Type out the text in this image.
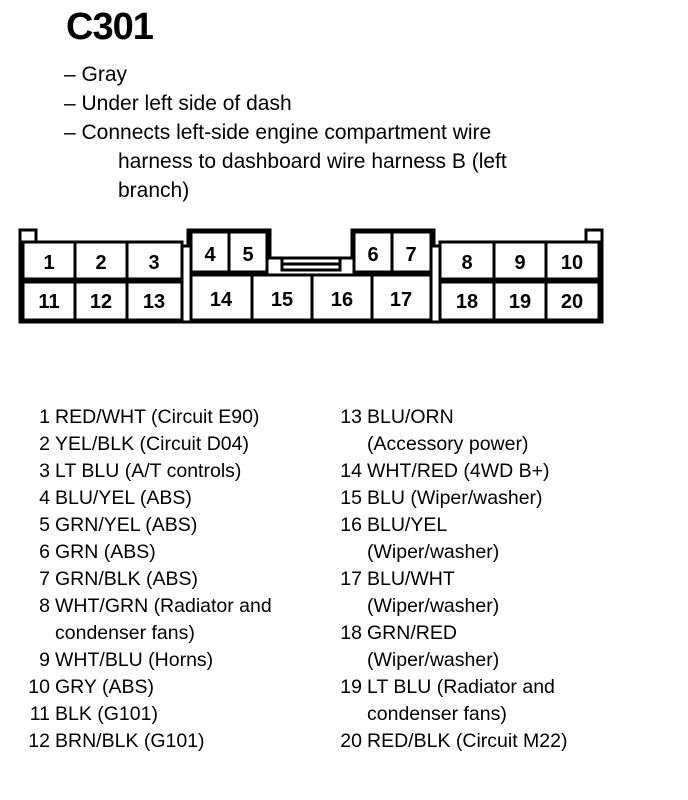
C301
– Gray
– Under left side of dash
– Connects left-side engine compartment wire
harness to dashboard wire harness B (left
branch)
1 2 3 4 5	6 7 8 9 10
11 12 13 14 15 16 17 18 19 20
1 RED/WHT (Circuit E90)
2 YEL/BLK (Circuit D04)
3 LT BLU (A/T controls)
4 BLU/YEL (ABS)
5 GRN/YEL (ABS)
6 GRN (ABS)
7 GRN/BLK (ABS)
8 WHT/GRN (Radiator and
condenser fans)
9 WHT/BLU (Horns)
10 GRY (ABS)
11 BLK (G101)
12 BRN/BLK (G101)
13 BLU/ORN
(Accessory power)
14 WHT/RED (4WD B+)
15 BLU (Wiper/washer)
16 BLU/YEL
(Wiper/washer)
17 BLU/WHT
(Wiper/washer)
18 GRN/RED
(Wiper/washer)
19 LT BLU (Radiator and
condenser fans)
20 RED/BLK (Circuit M22)
